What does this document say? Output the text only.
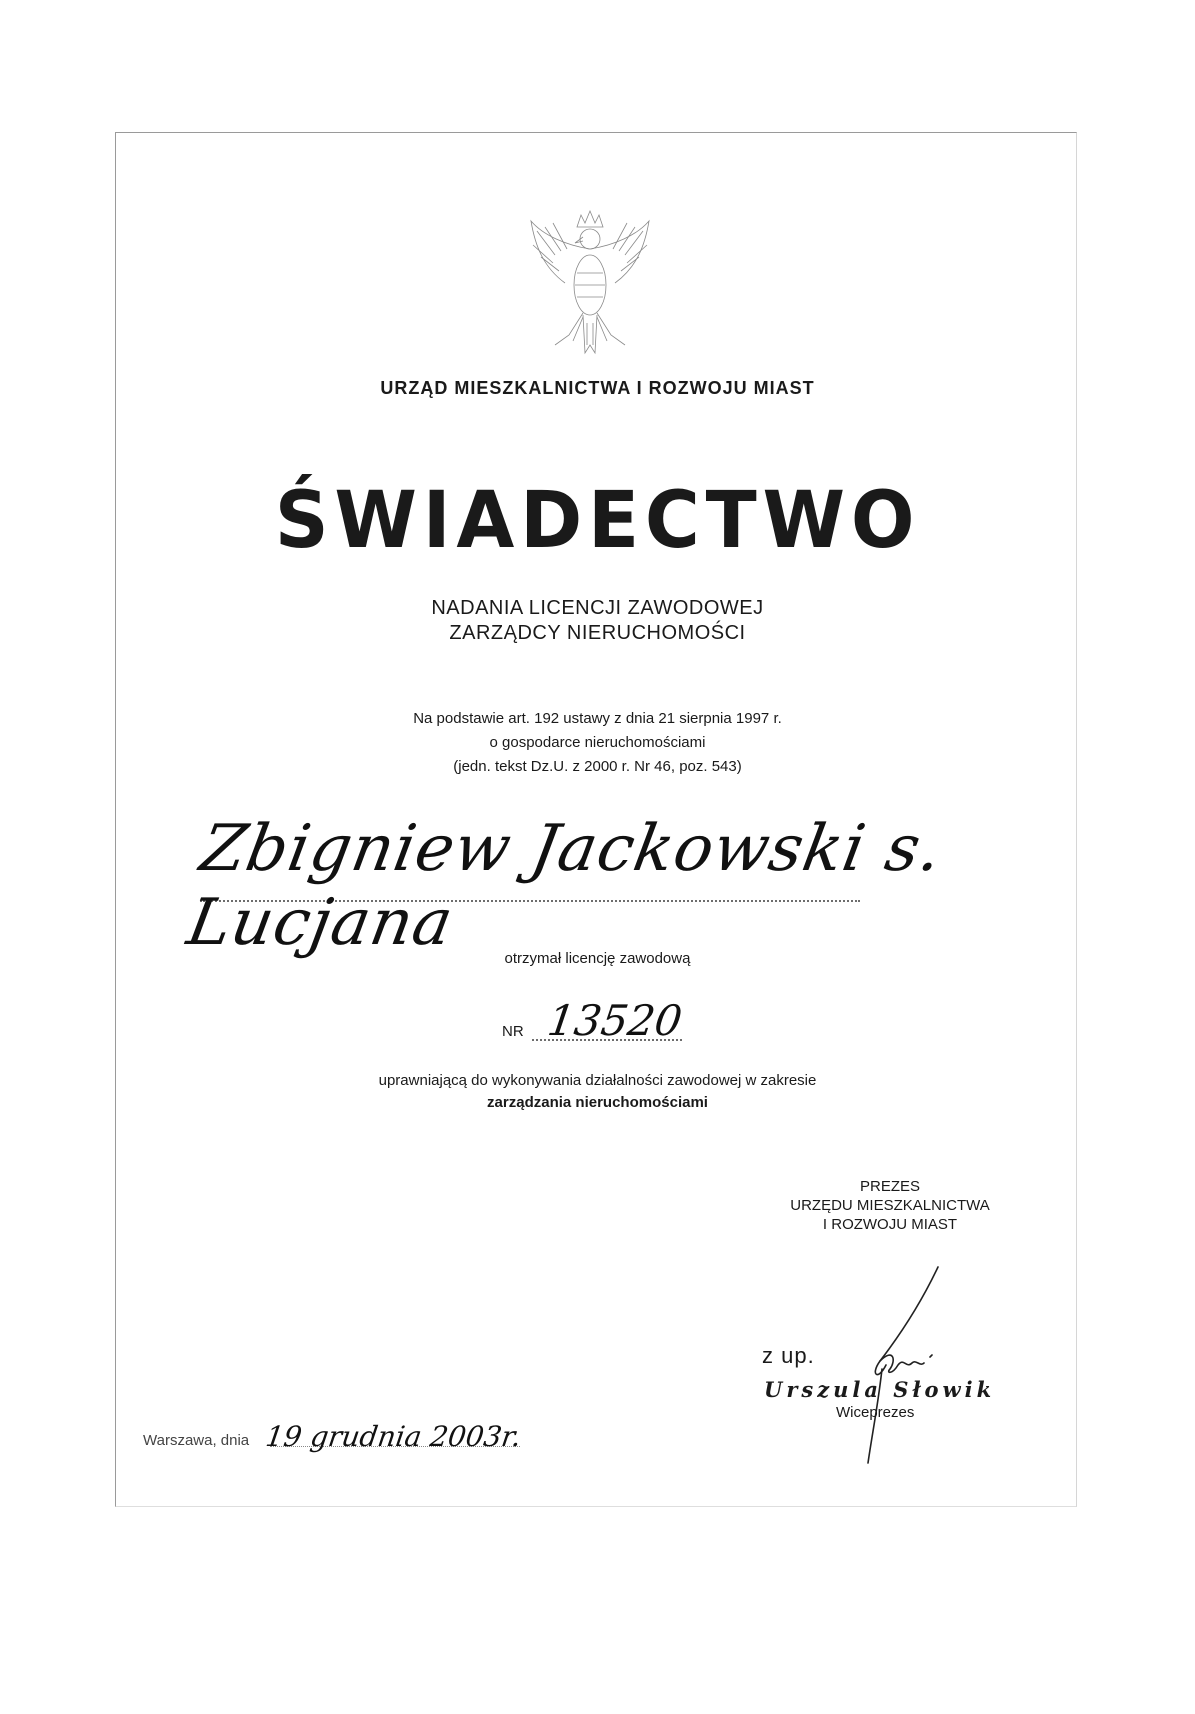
URZĄD MIESZKALNICTWA I ROZWOJU MIAST
ŚWIADECTWO
NADANIA LICENCJI ZAWODOWEJ
ZARZĄDCY NIERUCHOMOŚCI
Na podstawie art. 192 ustawy z dnia 21 sierpnia 1997 r.
o gospodarce nieruchomościami
(jedn. tekst Dz.U. z 2000 r. Nr 46, poz. 543)
Zbigniew Jackowski s. Lucjana	otrzymał licencję zawodową
NR 13520
uprawniającą do wykonywania działalności zawodowej w zakresie
zarządzania nieruchomościami
PREZES
URZĘDU MIESZKALNICTWA
I ROZWOJU MIAST
z up.
Urszula Słowik
Wiceprezes
Warszawa, dnia 19 grudnia 2003r.
